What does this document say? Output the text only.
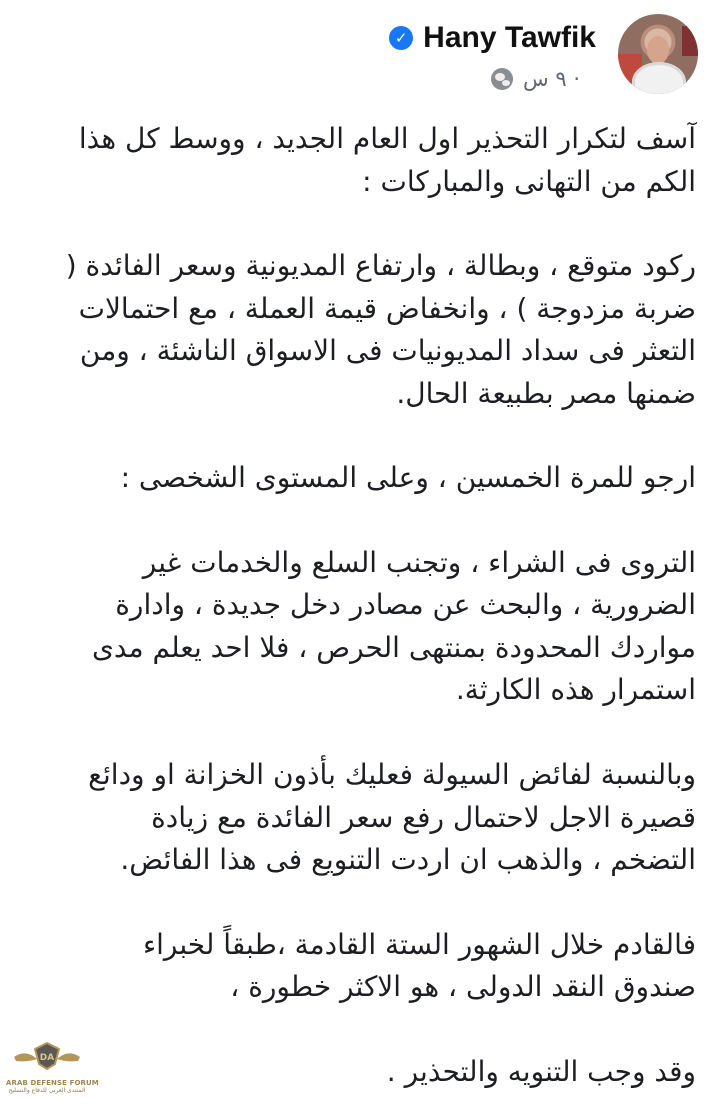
Hany Tawfik
✓
٩ س ·

آسف لتكرار التحذير اول العام الجديد ، ووسط كل هذا الكم من التهانى والمباركات :

ركود متوقع ، وبطالة ، وارتفاع المديونية وسعر الفائدة ( ضربة مزدوجة ) ، وانخفاض قيمة العملة ، مع احتمالات التعثر فى سداد المديونيات فى الاسواق الناشئة ، ومن ضمنها مصر بطبيعة الحال.

ارجو للمرة الخمسين ، وعلى المستوى الشخصى :

التروى فى الشراء ، وتجنب السلع والخدمات غير الضرورية ، والبحث عن مصادر دخل جديدة ، وادارة مواردك المحدودة بمنتهى الحرص ، فلا احد يعلم مدى استمرار هذه الكارثة.

وبالنسبة لفائض السيولة فعليك بأذون الخزانة او ودائع قصيرة الاجل لاحتمال رفع سعر الفائدة مع زيادة التضخم ، والذهب ان اردت التنويع فى هذا الفائض.

فالقادم خلال الشهور الستة القادمة ،طبقاً لخبراء صندوق النقد الدولى ، هو الاكثر خطورة ،

وقد وجب التنويه والتحذير .

DA
ARAB DEFENSE FORUM
المنتدى العربي للدفاع والتسليح
